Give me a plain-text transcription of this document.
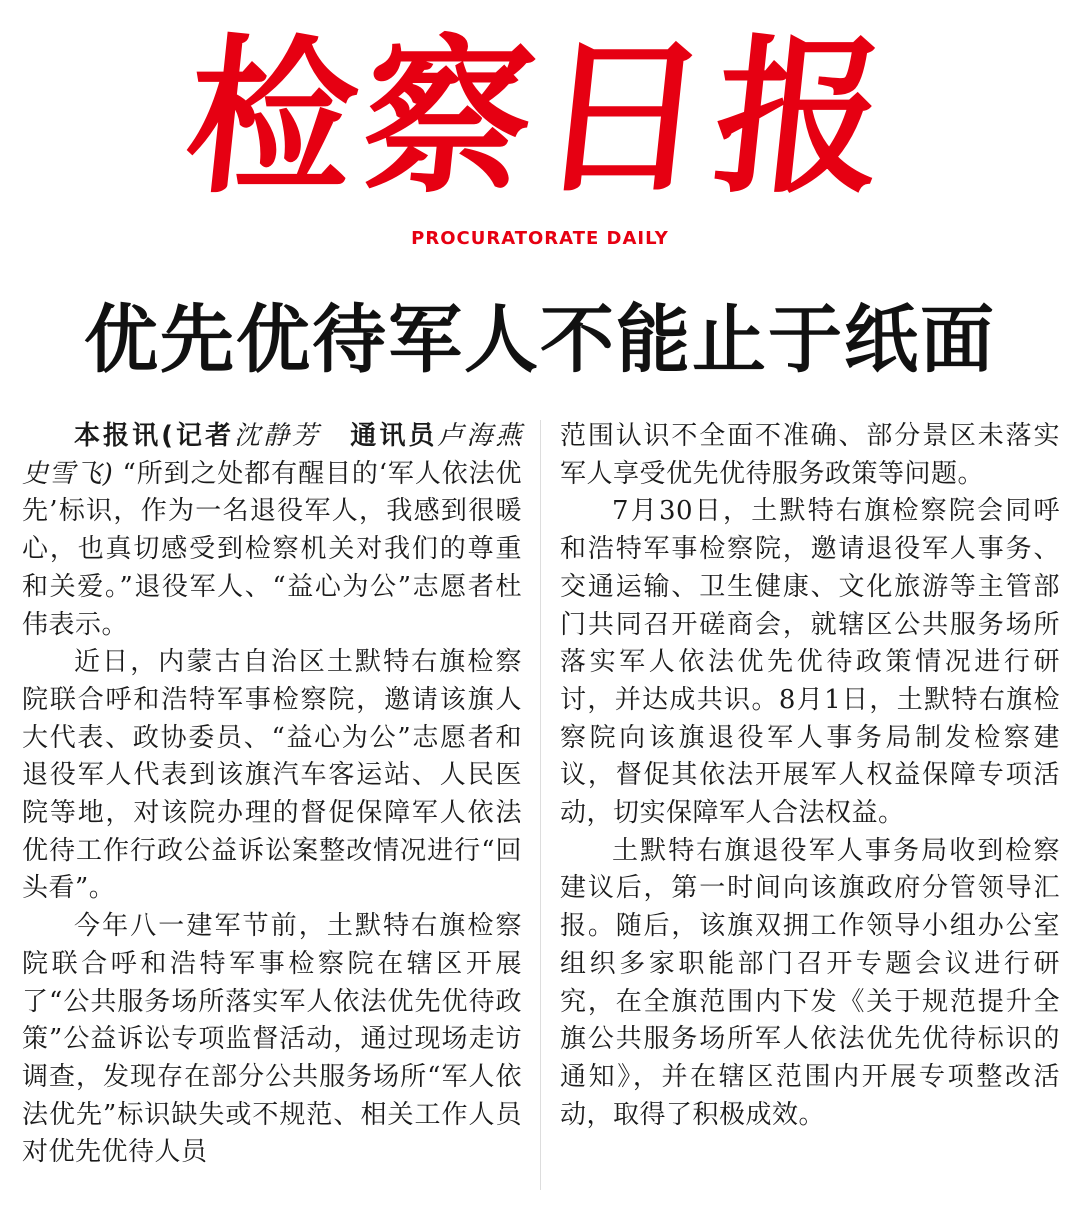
检察日报
PROCURATORATE DAILY
优先优待军人不能止于纸面

本报讯(记者沈静芳　 通讯员卢海燕　史雪飞) “所到之处都有醒目的‘军人依法优先’标识，作为一名退役军人，我感到很暖心，也真切感受到检察机关对我们的尊重和关爱。”退役军人、“益心为公”志愿者杜伟表示。

近日，内蒙古自治区土默特右旗检察院联合呼和浩特军事检察院，邀请该旗人大代表、政协委员、“益心为公”志愿者和退役军人代表到该旗汽车客运站、人民医院等地，对该院办理的督促保障军人依法优待工作行政公益诉讼案整改情况进行“回头看”。

今年八一建军节前，土默特右旗检察院联合呼和浩特军事检察院在辖区开展了“公共服务场所落实军人依法优先优待政策”公益诉讼专项监督活动，通过现场走访调查，发现存在部分公共服务场所“军人依法优先”标识缺失或不规范、相关工作人员对优先优待人员

范围认识不全面不准确、部分景区未落实军人享受优先优待服务政策等问题。

7月30日，土默特右旗检察院会同呼和浩特军事检察院，邀请退役军人事务、交通运输、卫生健康、文化旅游等主管部门共同召开磋商会，就辖区公共服务场所落实军人依法优先优待政策情况进行研讨，并达成共识。8月1日，土默特右旗检察院向该旗退役军人事务局制发检察建议，督促其依法开展军人权益保障专项活动，切实保障军人合法权益。

土默特右旗退役军人事务局收到检察建议后，第一时间向该旗政府分管领导汇报。随后，该旗双拥工作领导小组办公室组织多家职能部门召开专题会议进行研究，在全旗范围内下发《关于规范提升全旗公共服务场所军人依法优先优待标识的通知》，并在辖区范围内开展专项整改活动，取得了积极成效。
